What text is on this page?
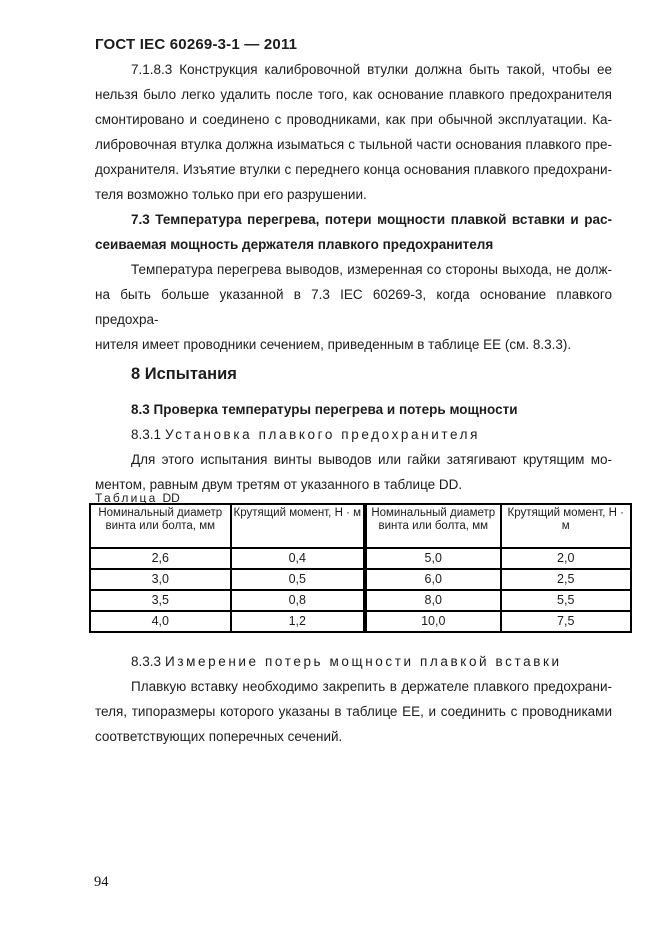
ГОСТ IEC 60269-3-1 — 2011
7.1.8.3 Конструкция калибровочной втулки должна быть такой, чтобы ее
нельзя было легко удалить после того, как основание плавкого предохранителя
смонтировано и соединено с проводниками, как при обычной эксплуатации. Ка-
либровочная втулка должна изыматься с тыльной части основания плавкого пре-
дохранителя. Изъятие втулки с переднего конца основания плавкого предохрани-
теля возможно только при его разрушении.
7.3 Температура перегрева, потери мощности плавкой вставки и рас-
сеиваемая мощность держателя плавкого предохранителя
Температура перегрева выводов, измеренная со стороны выхода, не долж-
на быть больше указанной в 7.3 IEC 60269-3, когда основание плавкого предохра-
нителя имеет проводники сечением, приведенным в таблице ЕЕ (см. 8.3.3).
8 Испытания
8.3 Проверка температуры перегрева и потерь мощности
8.3.1 Установка плавкого предохранителя
Для этого испытания винты выводов или гайки затягивают крутящим мо-
ментом, равным двум третям от указанного в таблице DD.
Таблица DD
Номинальный диаметр винта или болта, мм	Крутящий момент, Н · м	Номинальный диаметр винта или болта, мм	Крутящий момент, Н · м
2,6	0,4	5,0	2,0
3,0	0,5	6,0	2,5
3,5	0,8	8,0	5,5
4,0	1,2	10,0	7,5
8.3.3 Измерение потерь мощности плавкой вставки
Плавкую вставку необходимо закрепить в держателе плавкого предохрани-
теля, типоразмеры которого указаны в таблице ЕЕ, и соединить с проводниками
соответствующих поперечных сечений.
94
